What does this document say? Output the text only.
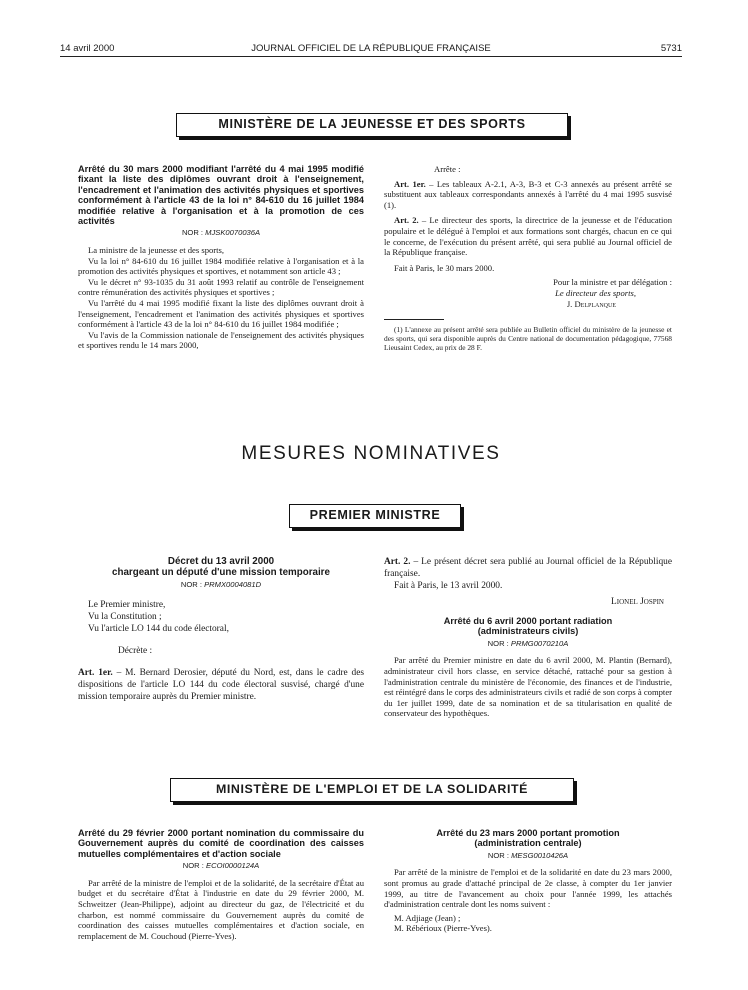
14 avril 2000	JOURNAL OFFICIEL DE LA RÉPUBLIQUE FRANÇAISE	5731
MINISTÈRE DE LA JEUNESSE ET DES SPORTS
Arrêté du 30 mars 2000 modifiant l'arrêté du 4 mai 1995 modifié fixant la liste des diplômes ouvrant droit à l'enseignement, l'encadrement et l'animation des activités physiques et sportives conformément à l'article 43 de la loi n° 84-610 du 16 juillet 1984 modifiée relative à l'organisation et à la promotion de ces activités
NOR : MJSK0070036A

La ministre de la jeunesse et des sports,

Vu la loi n° 84-610 du 16 juillet 1984 modifiée relative à l'organisation et à la promotion des activités physiques et sportives, et notamment son article 43 ;

Vu le décret n° 93-1035 du 31 août 1993 relatif au contrôle de l'enseignement contre rémunération des activités physiques et sportives ;

Vu l'arrêté du 4 mai 1995 modifié fixant la liste des diplômes ouvrant droit à l'enseignement, l'encadrement et l'animation des activités physiques et sportives conformément à l'article 43 de la loi n° 84-610 du 16 juillet 1984 modifiée ;

Vu l'avis de la Commission nationale de l'enseignement des activités physiques et sportives rendu le 14 mars 2000,

Arrête :

Art. 1er. – Les tableaux A-2.1, A-3, B-3 et C-3 annexés au présent arrêté se substituent aux tableaux correspondants annexés à l'arrêté du 4 mai 1995 susvisé (1).

Art. 2. – Le directeur des sports, la directrice de la jeunesse et de l'éducation populaire et le délégué à l'emploi et aux formations sont chargés, chacun en ce qui le concerne, de l'exécution du présent arrêté, qui sera publié au Journal officiel de la République française.

Fait à Paris, le 30 mars 2000.

Pour la ministre et par délégation :

Le directeur des sports,

J. Delplanque

(1) L'annexe au présent arrêté sera publiée au Bulletin officiel du ministère de la jeunesse et des sports, qui sera disponible auprès du Centre national de documentation pédagogique, 77568 Lieusaint Cedex, au prix de 28 F.

MESURES NOMINATIVES
PREMIER MINISTRE
Décret du 13 avril 2000
chargeant un député d'une mission temporaire
NOR : PRMX0004081D

Le Premier ministre,

Vu la Constitution ;

Vu l'article LO 144 du code électoral,

Décrète :

Art. 1er. – M. Bernard Derosier, député du Nord, est, dans le cadre des dispositions de l'article LO 144 du code électoral susvisé, chargé d'une mission temporaire auprès du Premier ministre.

Art. 2. – Le présent décret sera publié au Journal officiel de la République française.

Fait à Paris, le 13 avril 2000.

Lionel Jospin

Arrêté du 6 avril 2000 portant radiation
(administrateurs civils)
NOR : PRMG0070210A

Par arrêté du Premier ministre en date du 6 avril 2000, M. Plantin (Bernard), administrateur civil hors classe, en service détaché, rattaché pour sa gestion à l'administration centrale du ministère de l'économie, des finances et de l'industrie, est réintégré dans le corps des administrateurs civils et radié de son corps à compter du 1er juillet 1999, date de sa nomination et de sa titularisation en qualité de conservateur des hypothèques.

MINISTÈRE DE L'EMPLOI ET DE LA SOLIDARITÉ
Arrêté du 29 février 2000 portant nomination du commissaire du Gouvernement auprès du comité de coordination des caisses mutuelles complémentaires et d'action sociale
NOR : ECOI0000124A

Par arrêté de la ministre de l'emploi et de la solidarité, de la secrétaire d'État au budget et du secrétaire d'État à l'industrie en date du 29 février 2000, M. Schweitzer (Jean-Philippe), adjoint au directeur du gaz, de l'électricité et du charbon, est nommé commissaire du Gouvernement auprès du comité de coordination des caisses mutuelles complémentaires et d'action sociale, en remplacement de M. Couchoud (Pierre-Yves).

Arrêté du 23 mars 2000 portant promotion
(administration centrale)
NOR : MESG0010426A

Par arrêté de la ministre de l'emploi et de la solidarité en date du 23 mars 2000, sont promus au grade d'attaché principal de 2e classe, à compter du 1er janvier 1999, au titre de l'avancement au choix pour l'année 1999, les attachés d'administration centrale dont les noms suivent :

M. Adjiage (Jean) ;

M. Rébérioux (Pierre-Yves).
